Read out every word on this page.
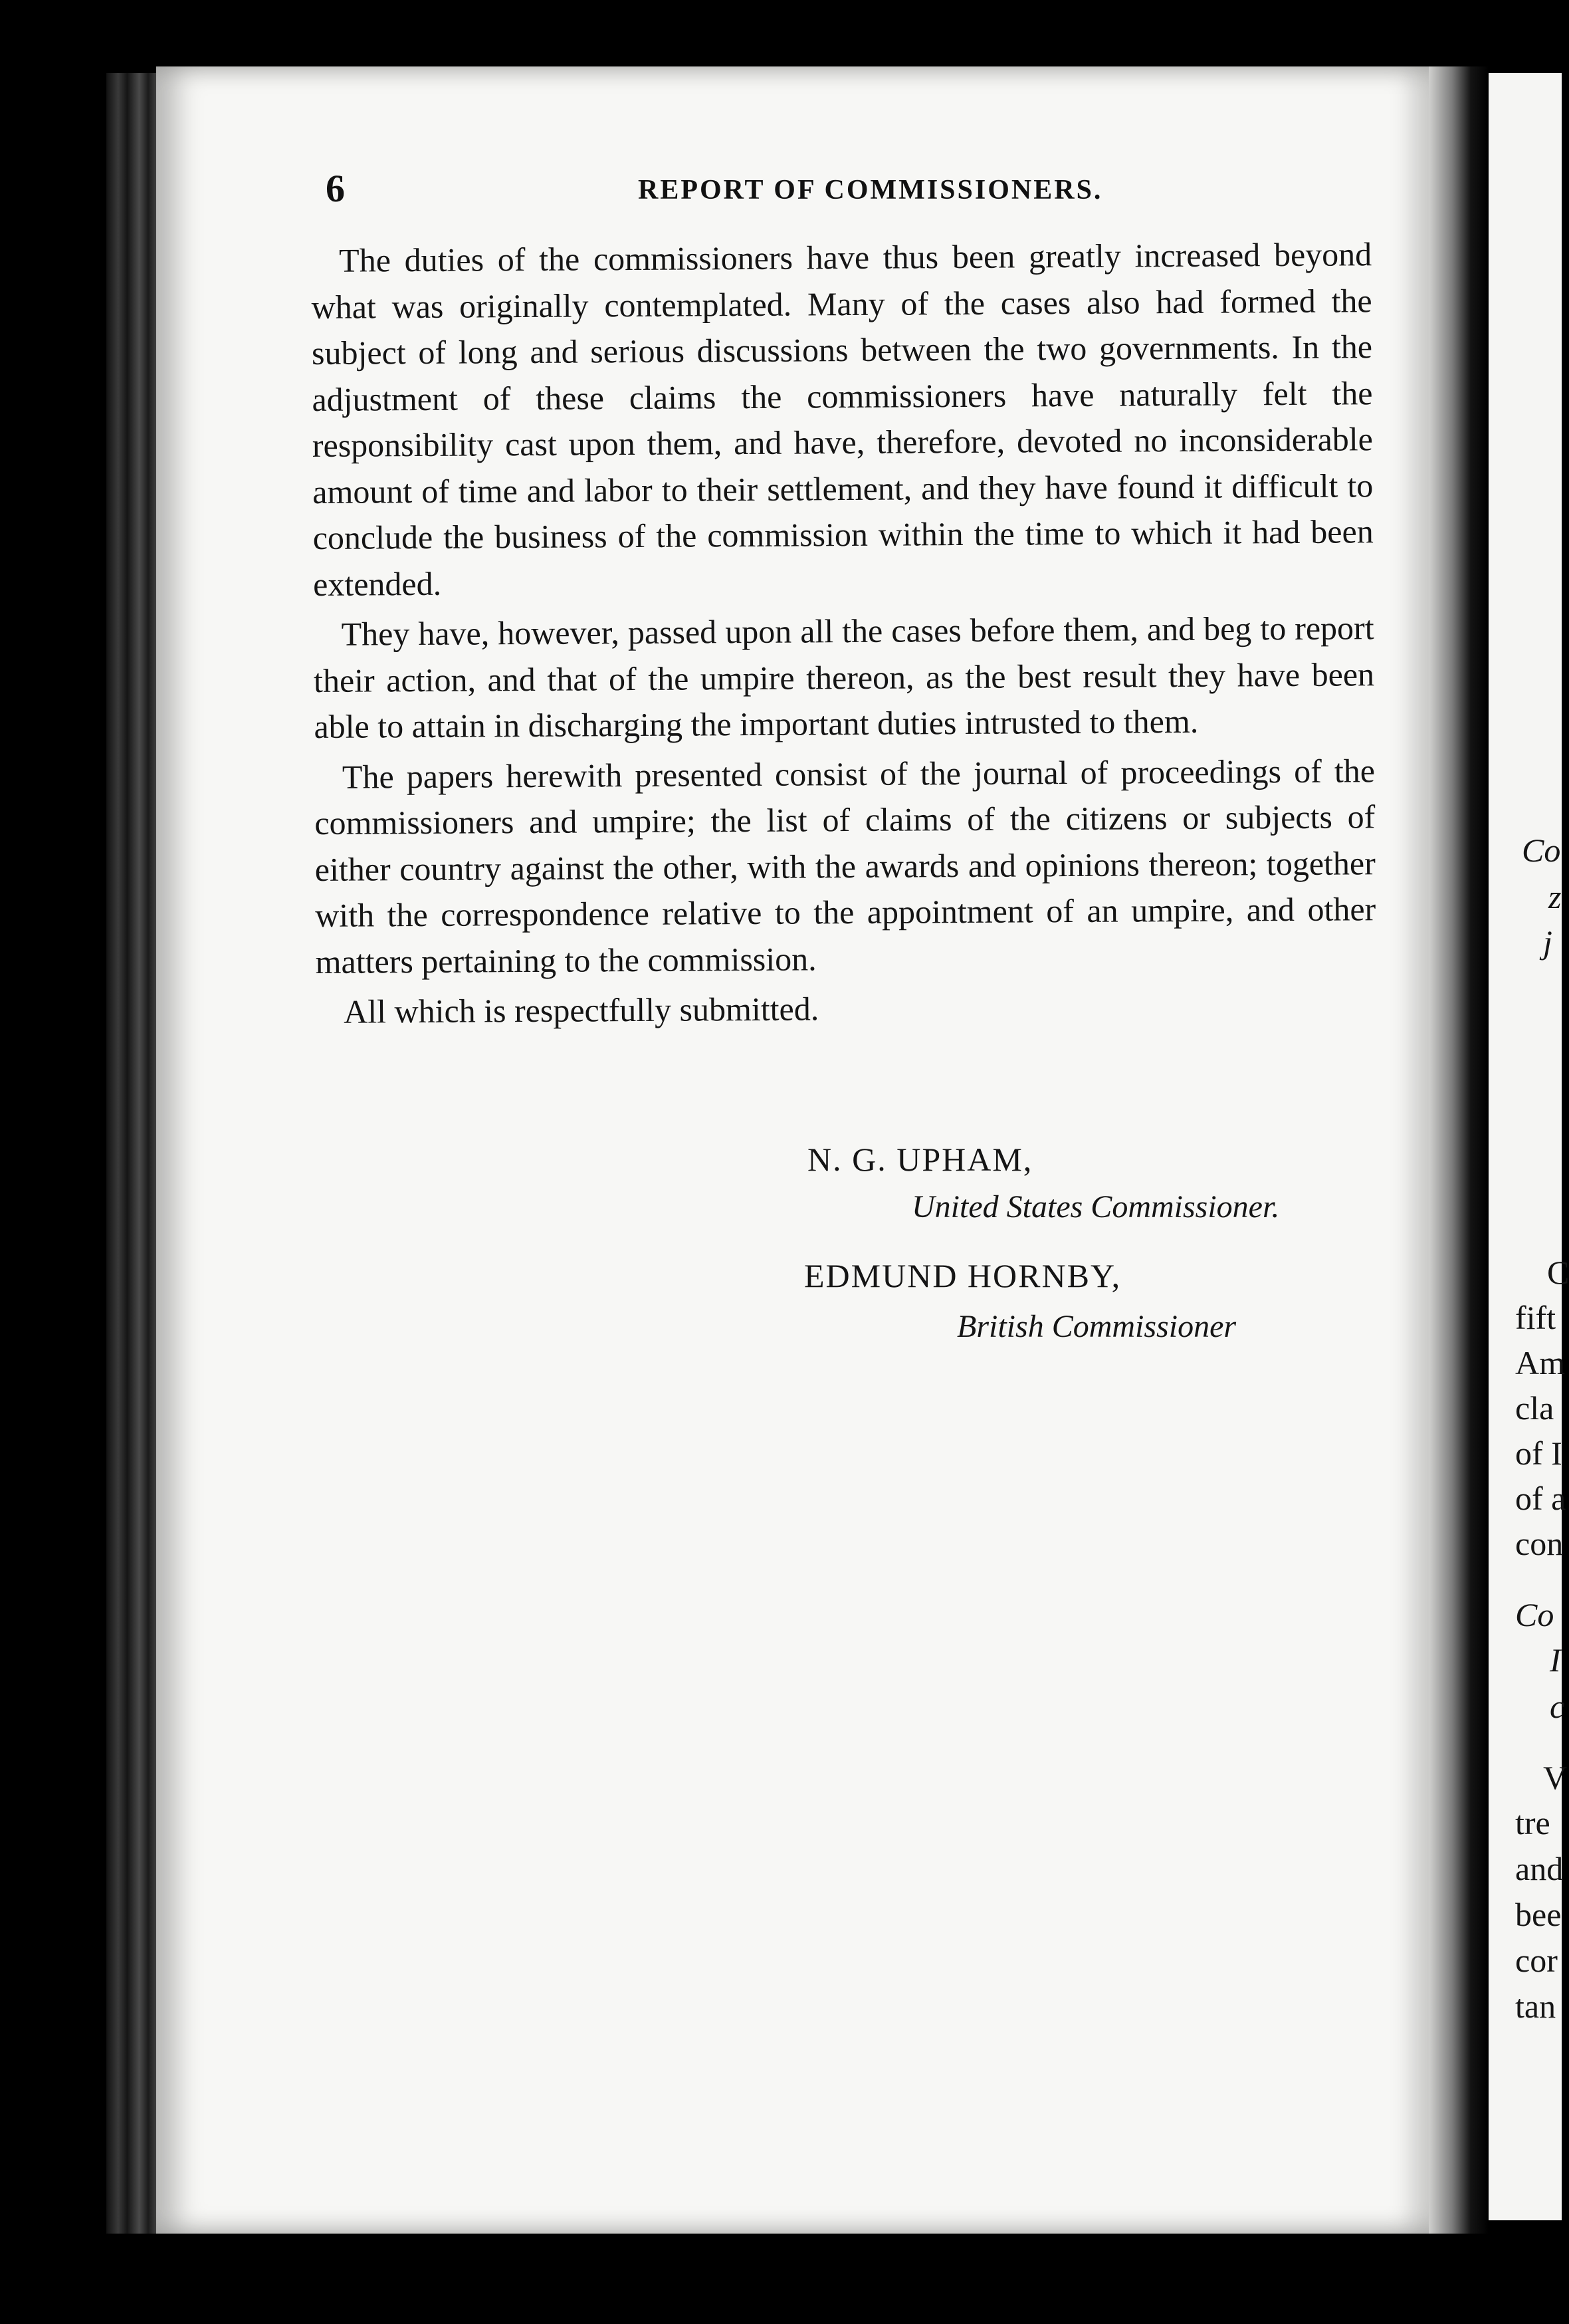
Co
z
j
C
fift
Am
cla
of I
of a
con
Co
I
c
V
tre
and
bee
cor
tan
6	REPORT OF COMMISSIONERS.

The duties of the commissioners have thus been greatly increased beyond what was originally contemplated. Many of the cases also had formed the subject of long and serious discussions between the two governments. In the adjustment of these claims the commissioners have naturally felt the responsibility cast upon them, and have, therefore, devoted no inconsiderable amount of time and labor to their settlement, and they have found it difficult to conclude the business of the commission within the time to which it had been extended.

They have, however, passed upon all the cases before them, and beg to report their action, and that of the umpire thereon, as the best result they have been able to attain in discharging the important duties intrusted to them.

The papers herewith presented consist of the journal of proceedings of the commissioners and umpire; the list of claims of the citizens or subjects of either country against the other, with the awards and opinions thereon; together with the correspondence relative to the appointment of an umpire, and other matters pertaining to the commission.

All which is respectfully submitted.

N. G. UPHAM,
United States Commissioner.
EDMUND HORNBY,
British Commissioner
